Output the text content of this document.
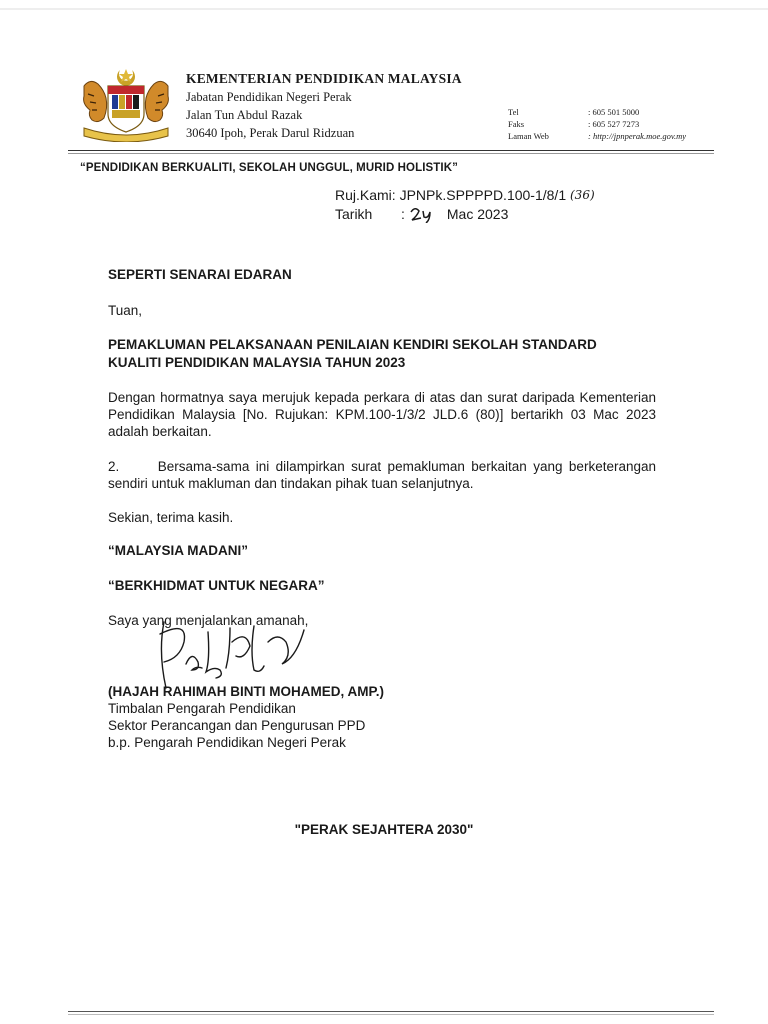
KEMENTERIAN PENDIDIKAN MALAYSIA
Jabatan Pendidikan Negeri Perak
Jalan Tun Abdul Razak
30640 Ipoh, Perak Darul Ridzuan
Tel	: 605 501 5000
Faks	: 605 527 7273
Laman Web	: http://jpnperak.moe.gov.my
“PENDIDIKAN BERKUALITI, SEKOLAH UNGGUL, MURID HOLISTIK”
Ruj.Kami : JPNPk.SPPPPD.100-1/8/1
(36)
Tarikh	:	Mac 2023
SEPERTI SENARAI EDARAN
Tuan,
PEMAKLUMAN PELAKSANAAN PENILAIAN KENDIRI SEKOLAH STANDARD
KUALITI PENDIDIKAN MALAYSIA TAHUN 2023
Dengan hormatnya saya merujuk kepada perkara di atas dan surat daripada Kementerian Pendidikan Malaysia [No. Rujukan: KPM.100-1/3/2 JLD.6 (80)] bertarikh 03 Mac 2023 adalah berkaitan.
2.      Bersama-sama ini dilampirkan surat pemakluman berkaitan yang berketerangan sendiri untuk makluman dan tindakan pihak tuan selanjutnya.
Sekian, terima kasih.
“MALAYSIA MADANI”
“BERKHIDMAT UNTUK NEGARA”
Saya yang menjalankan amanah,
(HAJAH RAHIMAH BINTI MOHAMED, AMP.)
Timbalan Pengarah Pendidikan
Sektor Perancangan dan Pengurusan PPD
b.p. Pengarah Pendidikan Negeri Perak
"PERAK SEJAHTERA 2030"
